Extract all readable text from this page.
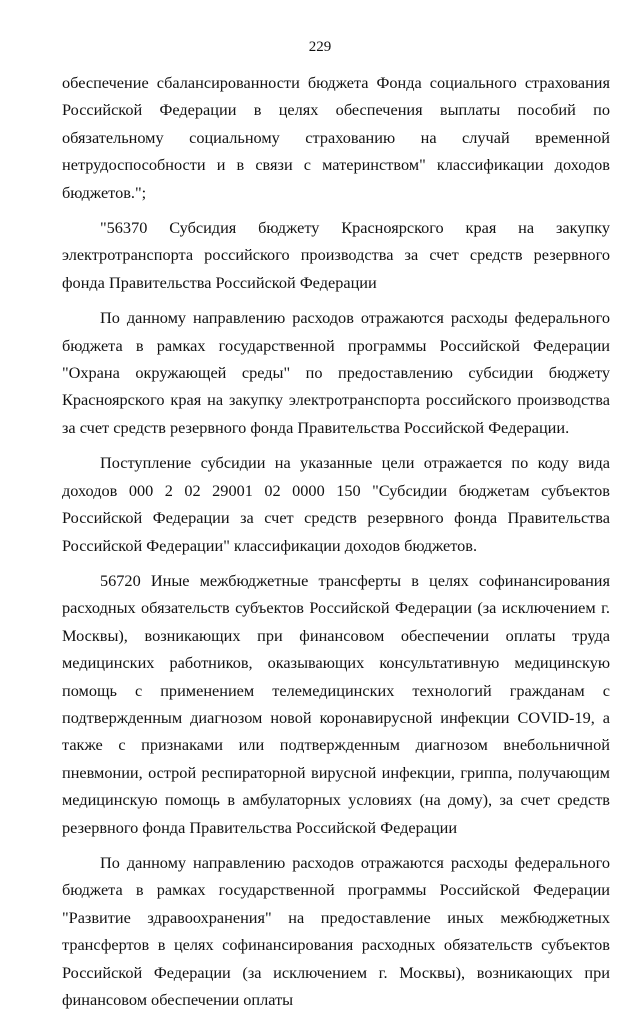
229

обеспечение сбалансированности бюджета Фонда социального страхования Российской Федерации в целях обеспечения выплаты пособий по обязательному социальному страхованию на случай временной нетрудоспособности и в связи с материнством" классификации доходов бюджетов.";

"56370 Субсидия бюджету Красноярского края на закупку электротранспорта российского производства за счет средств резервного фонда Правительства Российской Федерации

По данному направлению расходов отражаются расходы федерального бюджета в рамках государственной программы Российской Федерации "Охрана окружающей среды" по предоставлению субсидии бюджету Красноярского края на закупку электротранспорта российского производства за счет средств резервного фонда Правительства Российской Федерации.

Поступление субсидии на указанные цели отражается по коду вида доходов 000 2 02 29001 02 0000 150 "Субсидии бюджетам субъектов Российской Федерации за счет средств резервного фонда Правительства Российской Федерации" классификации доходов бюджетов.

56720 Иные межбюджетные трансферты в целях софинансирования расходных обязательств субъектов Российской Федерации (за исключением г. Москвы), возникающих при финансовом обеспечении оплаты труда медицинских работников, оказывающих консультативную медицинскую помощь с применением телемедицинских технологий гражданам с подтвержденным диагнозом новой коронавирусной инфекции COVID-19, а также с признаками или подтвержденным диагнозом внебольничной пневмонии, острой респираторной вирусной инфекции, гриппа, получающим медицинскую помощь в амбулаторных условиях (на дому), за счет средств резервного фонда Правительства Российской Федерации

По данному направлению расходов отражаются расходы федерального бюджета в рамках государственной программы Российской Федерации "Развитие здравоохранения" на предоставление иных межбюджетных трансфертов в целях софинансирования расходных обязательств субъектов Российской Федерации (за исключением г. Москвы), возникающих при финансовом обеспечении оплаты
